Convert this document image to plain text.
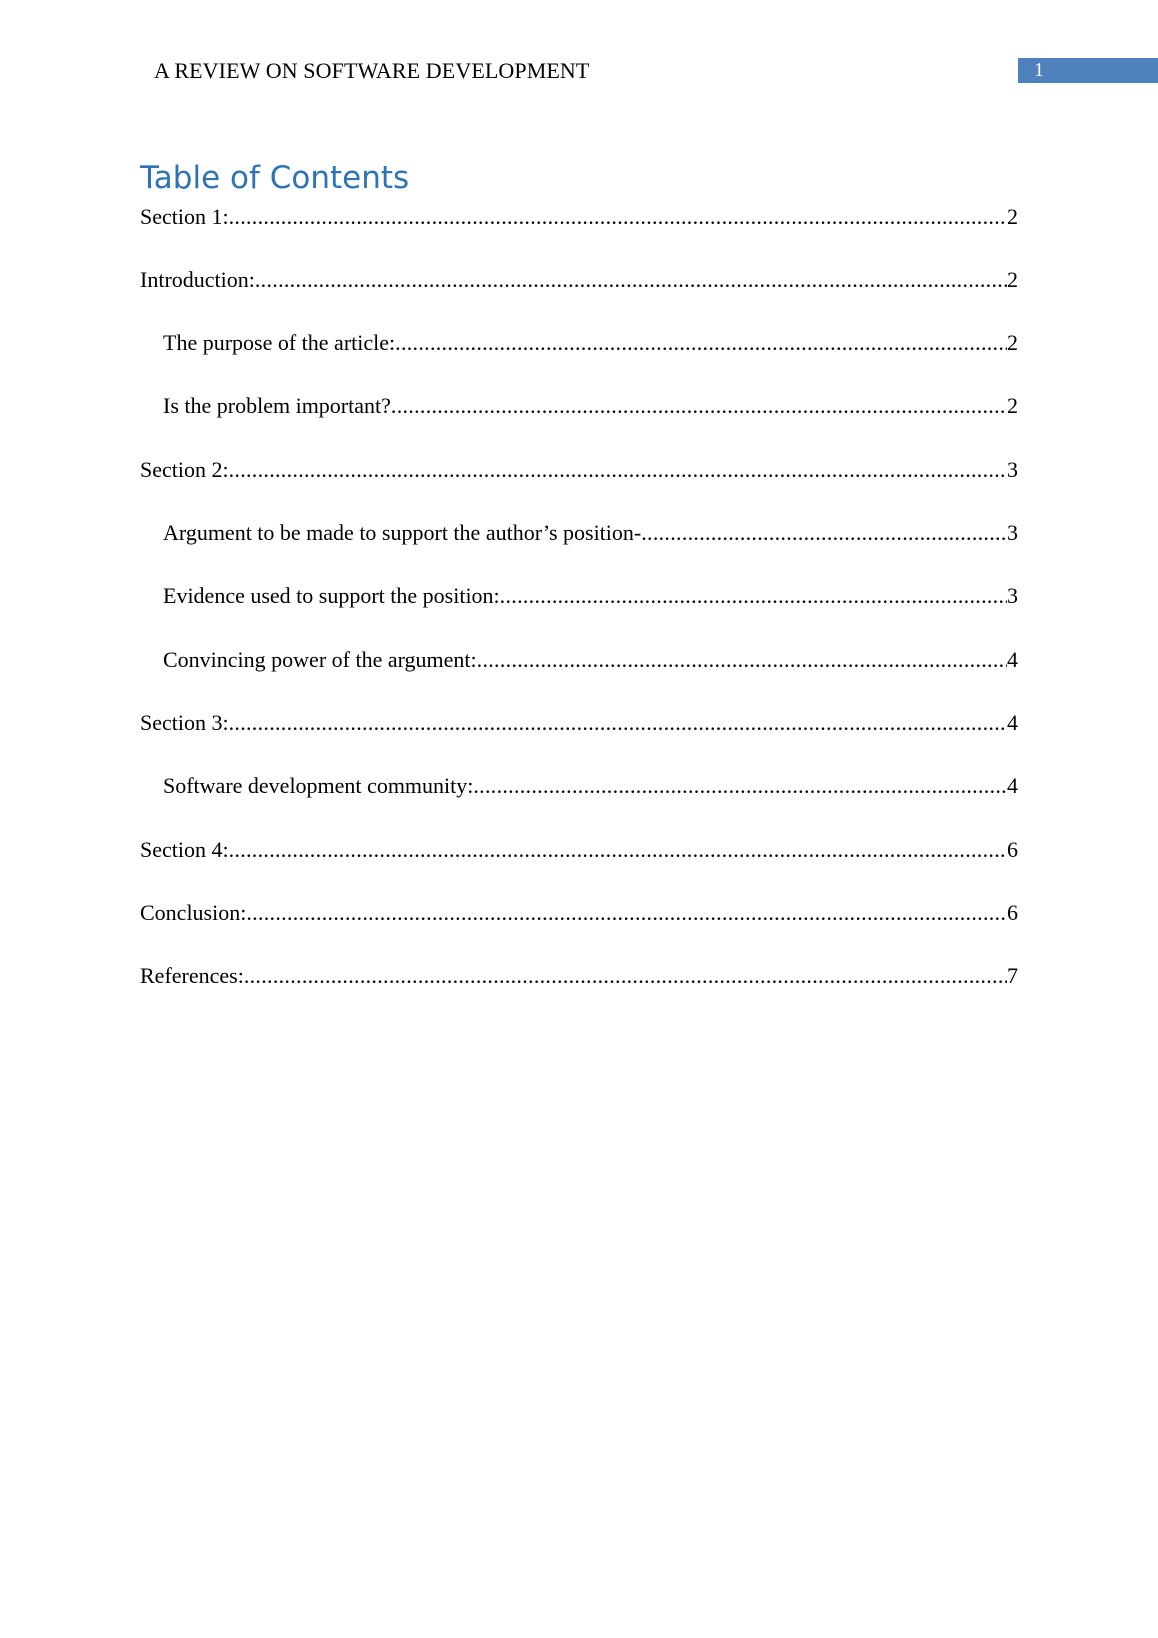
A REVIEW ON SOFTWARE DEVELOPMENT	1
Table of Contents
Section 1: .....	2
Introduction: .....	2
The purpose of the article: .....	2
Is the problem important? .....	2
Section 2: .....	3
Argument to be made to support the author’s position- .....	3
Evidence used to support the position: .....	3
Convincing power of the argument: .....	4
Section 3: .....	4
Software development community: .....	4
Section 4: .....	6
Conclusion: .....	6
References: .....	7
